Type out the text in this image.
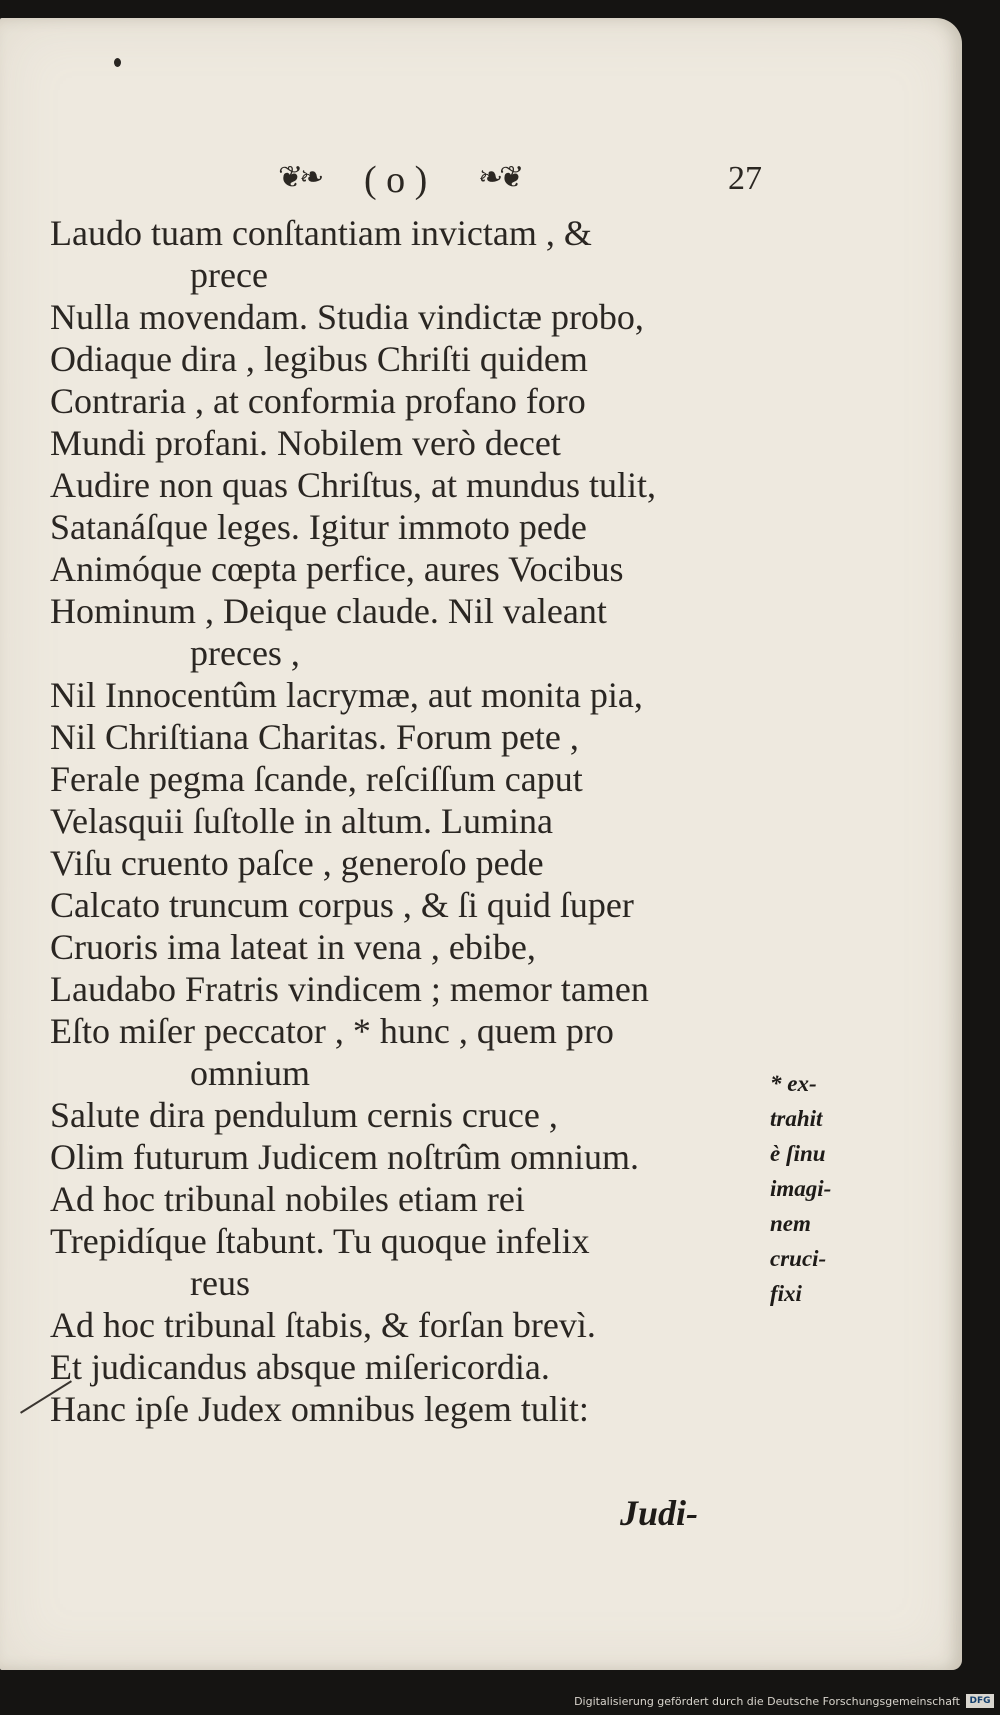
❦❧ ( o ) ❧❦	27
Laudo tuam conſtantiam invictam , &
prece
Nulla movendam. Studia vindictæ probo,
Odiaque dira , legibus Chriſti quidem
Contraria , at conformia profano foro
Mundi profani. Nobilem verò decet
Audire non quas Chriſtus, at mundus tulit,
Satanáſque leges. Igitur immoto pede
Animóque cœpta perfice, aures Vocibus
Hominum , Deique claude. Nil valeant
preces ,
Nil Innocentûm lacrymæ, aut monita pia,
Nil Chriſtiana Charitas. Forum pete ,
Ferale pegma ſcande, reſciſſum caput
Velasquii ſuſtolle in altum. Lumina
Viſu cruento paſce , generoſo pede
Calcato truncum corpus , & ſi quid ſuper
Cruoris ima lateat in vena , ebibe,
Laudabo Fratris vindicem ; memor tamen
Eſto miſer peccator , * hunc , quem pro
omnium
Salute dira pendulum cernis cruce ,
Olim futurum Judicem noſtrûm omnium.
Ad hoc tribunal nobiles etiam rei
Trepidíque ſtabunt. Tu quoque infelix
reus
Ad hoc tribunal ſtabis, & forſan brevì.
Et judicandus absque miſericordia.
Hanc ipſe Judex omnibus legem tulit:
* ex-
trahit
è ſinu
imagi-
nem
cruci-
fixi
Judi-
Digitalisierung gefördert durch die Deutsche Forschungsgemeinschaft	DFG
